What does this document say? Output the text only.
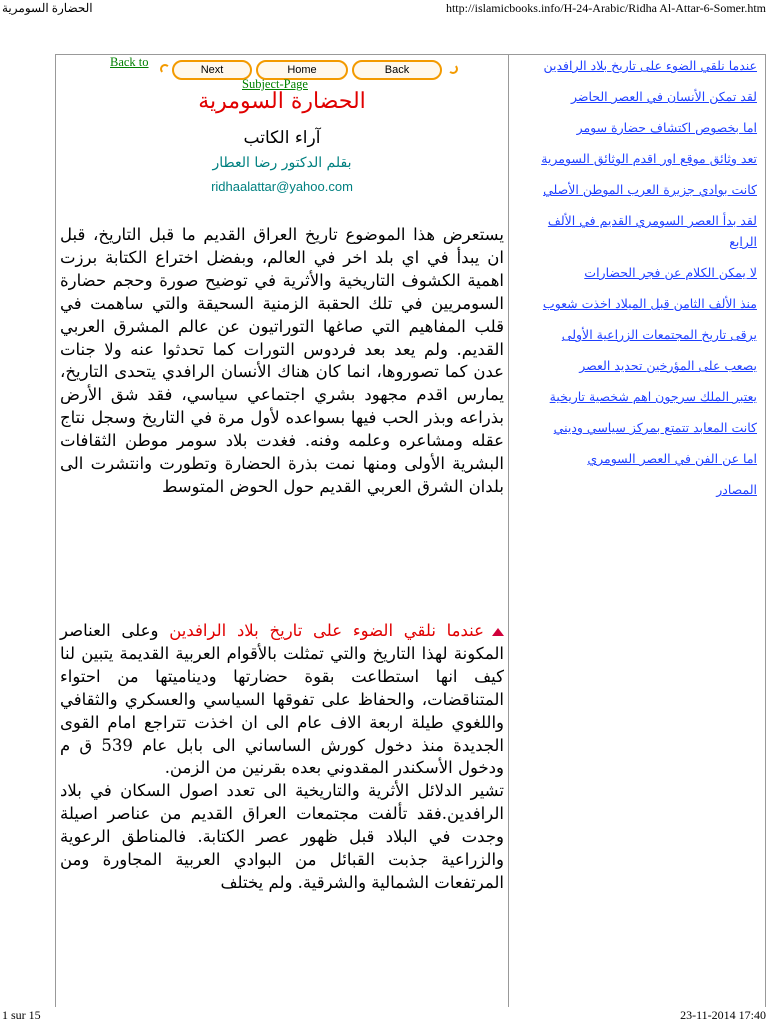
الحضارة السومرية	http://islamicbooks.info/H-24-Arabic/Ridha Al-Attar-6-Somer.htm
Back to
Next	Home	Back
Subject-Page
الحضارة السومرية
آراء الكاتب
بقلم الدكتور رضا العطار
ridhaalattar@yahoo.com
يستعرض هذا الموضوع تاريخ العراق القديم ما قبل التاريخ، قبل ان يبدأ في اي بلد اخر في العالم، وبفضل اختراع الكتابة برزت اهمية الكشوف التاريخية والأثرية في توضيح صورة وحجم حضارة السومريين في تلك الحقبة الزمنية السحيقة والتي ساهمت في قلب المفاهيم التي صاغها التوراتيون عن عالم المشرق العربي القديم. ولم يعد بعد فردوس التورات كما تحدثوا عنه ولا جنات عدن كما تصوروها، انما كان هناك الأنسان الرافدي يتحدى التاريخ، يمارس اقدم مجهود بشري اجتماعي سياسي، فقد شق الأرض بذراعه وبذر الحب فيها بسواعده لأول مرة في التاريخ وسجل نتاج عقله ومشاعره وعلمه وفنه. فغدت بلاد سومر موطن الثقافات البشرية الأولى ومنها نمت بذرة الحضارة وتطورت وانتشرت الى بلدان الشرق العربي القديم حول الحوض المتوسط
عندما نلقي الضوء على تاريخ بلاد الرافدين وعلى العناصر المكونة لهذا التاريخ والتي تمثلت بالأقوام العربية القديمة يتبين لنا كيف انها استطاعت بقوة حضارتها وديناميتها من احتواء المتناقضات، والحفاظ على تفوقها السياسي والعسكري والثقافي واللغوي طيلة اربعة الاف عام الى ان اخذت تتراجع امام القوى الجديدة منذ دخول كورش الساساني الى بابل عام 539 ق م ودخول الأسكندر المقدوني بعده بقرنين من الزمن.
تشير الدلائل الأثرية والتاريخية الى تعدد اصول السكان في بلاد الرافدين.فقد تألفت مجتمعات العراق القديم من عناصر اصيلة وجدت في البلاد قبل ظهور عصر الكتابة. فالمناطق الرعوية والزراعية جذبت القبائل من البوادي العربية المجاورة ومن المرتفعات الشمالية والشرقية. ولم يختلف
عندما نلقي الضوء على تاريخ بلاد الرافدين
لقد تمكن الأنسان في العصر الحاضر
اما بخصوص اكتشاف حضارة سومر
تعد وثائق موقع اور اقدم الوثائق السومرية
كانت بوادي جزيرة العرب الموطن الأصلي
لقد بدأ العصر السومري القديم في الألف الرابع
لا يمكن الكلام عن فجر الحضارات
منذ الألف الثامن قبل الميلاد اخذت شعوب
يرقى تاريخ المجتمعات الزراعية الأولى
يصعب على المؤرخين تحديد العصر
يعتبر الملك سرجون اهم شخصية تاريخية
كانت المعابد تتمتع بمركز سياسي وديني
اما عن الفن في العصر السومري
المصادر
1 sur 15	23-11-2014 17:40
